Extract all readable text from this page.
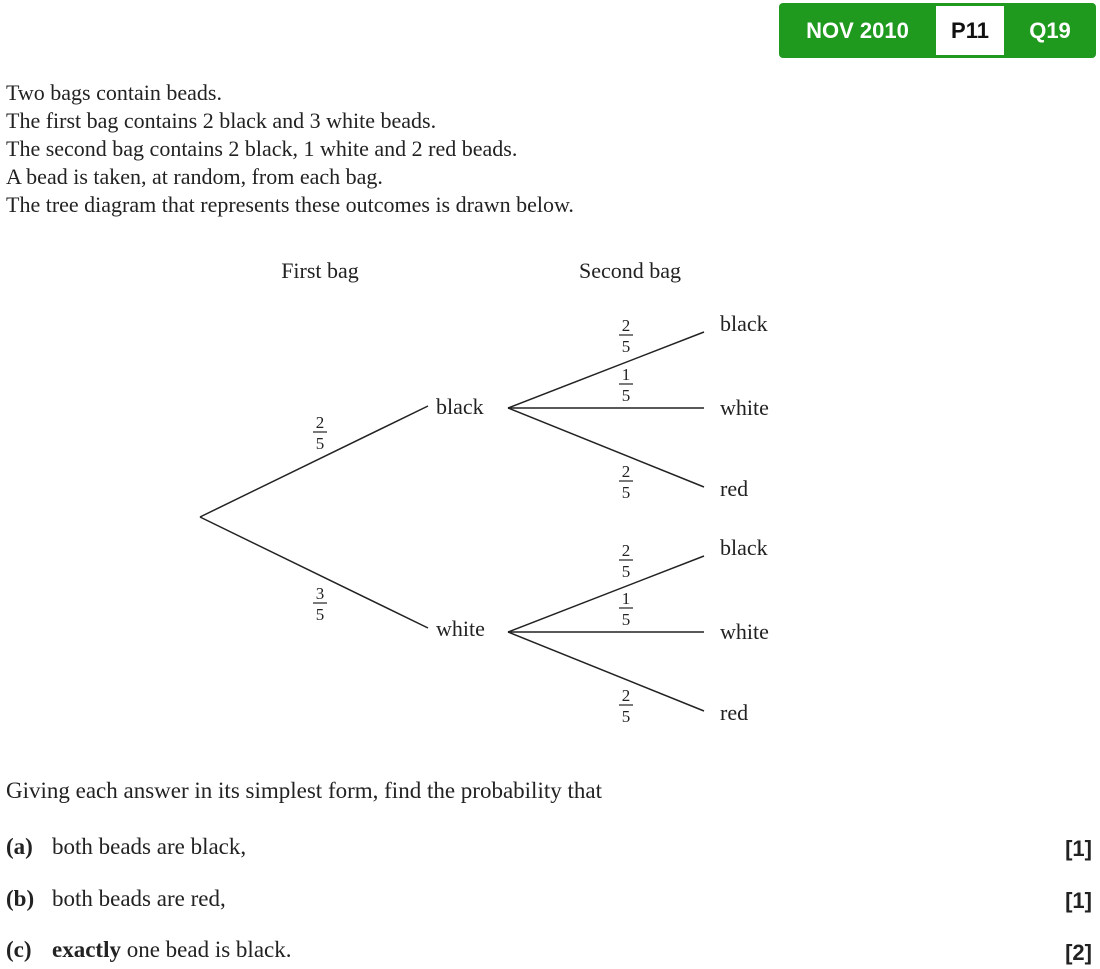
NOV 2010	P11	Q19
Two bags contain beads.
The first bag contains 2 black and 3 white beads.
The second bag contains 2 black, 1 white and 2 red beads.
A bead is taken, at random, from each bag.
The tree diagram that represents these outcomes is drawn below.
First bag	Second bag
black
white
black
white
red
black
white
red
2
5
3
5
2
5
1
5
2
5
2
5
1
5
2
5
Giving each answer in its simplest form, find the probability that
(a) both beads are black,	[1]
(b) both beads are red,	[1]
(c) exactly one bead is black.	[2]
